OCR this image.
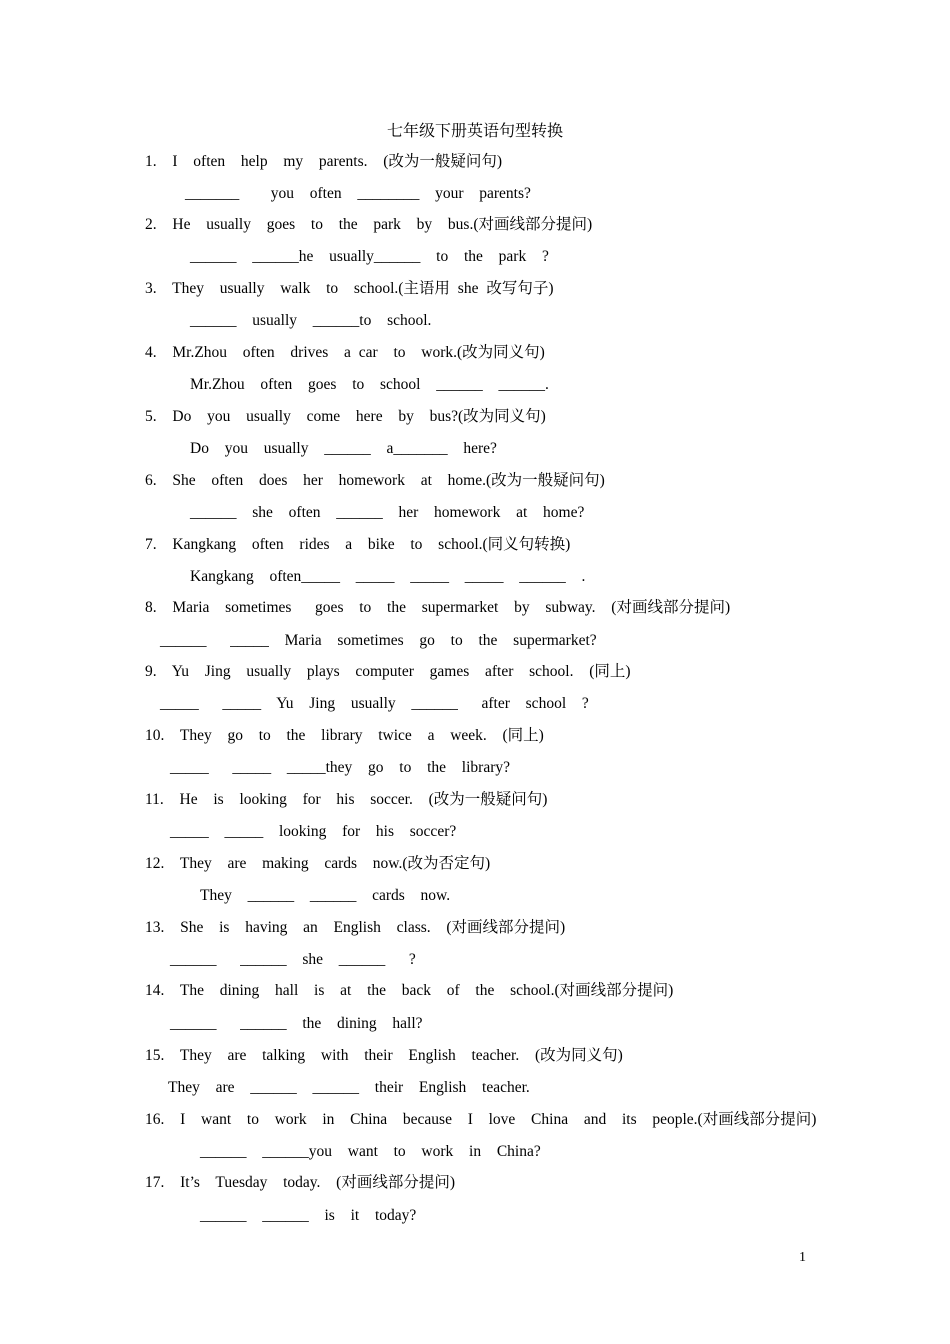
七年级下册英语句型转换
1.  I  often  help  my  parents.  (改为一般疑问句)
_______    you  often  ________  your  parents?
2.  He  usually  goes  to  the  park  by  bus.(对画线部分提问)
______  ______he  usually______  to  the  park  ?
3.  They  usually  walk  to  school.(主语用 she 改写句子)
______  usually  ______to  school.
4.  Mr.Zhou  often  drives  a car  to  work.(改为同义句)
Mr.Zhou  often  goes  to  school  ______  ______.
5.  Do  you  usually  come  here  by  bus?(改为同义句)
Do  you  usually  ______  a_______  here?
6.  She  often  does  her  homework  at  home.(改为一般疑问句)
______  she  often  ______  her  homework  at  home?
7.  Kangkang  often  rides  a  bike  to  school.(同义句转换)
Kangkang  often_____  _____  _____  _____  ______  .
8.  Maria  sometimes   goes  to  the  supermarket  by  subway.  (对画线部分提问)
______   _____  Maria  sometimes  go  to  the  supermarket?
9.  Yu  Jing  usually  plays  computer  games  after  school.  (同上)
_____   _____  Yu  Jing  usually  ______   after  school  ?
10.  They  go  to  the  library  twice  a  week.  (同上)
_____   _____  _____they  go  to  the  library?
11.  He  is  looking  for  his  soccer.  (改为一般疑问句)
_____  _____  looking  for  his  soccer?
12.  They  are  making  cards  now.(改为否定句)
They  ______  ______  cards  now.
13.  She  is  having  an  English  class.  (对画线部分提问)
______   ______  she  ______   ?
14.  The  dining  hall  is  at  the  back  of  the  school.(对画线部分提问)
______   ______  the  dining  hall?
15.  They  are  talking  with  their  English  teacher.  (改为同义句)
They  are  ______  ______  their  English  teacher.
16.  I  want  to  work  in  China  because  I  love  China  and  its  people.(对画线部分提问)
______  ______you  want  to  work  in  China?
17.  It’s  Tuesday  today.  (对画线部分提问)
______  ______  is  it  today?
1
